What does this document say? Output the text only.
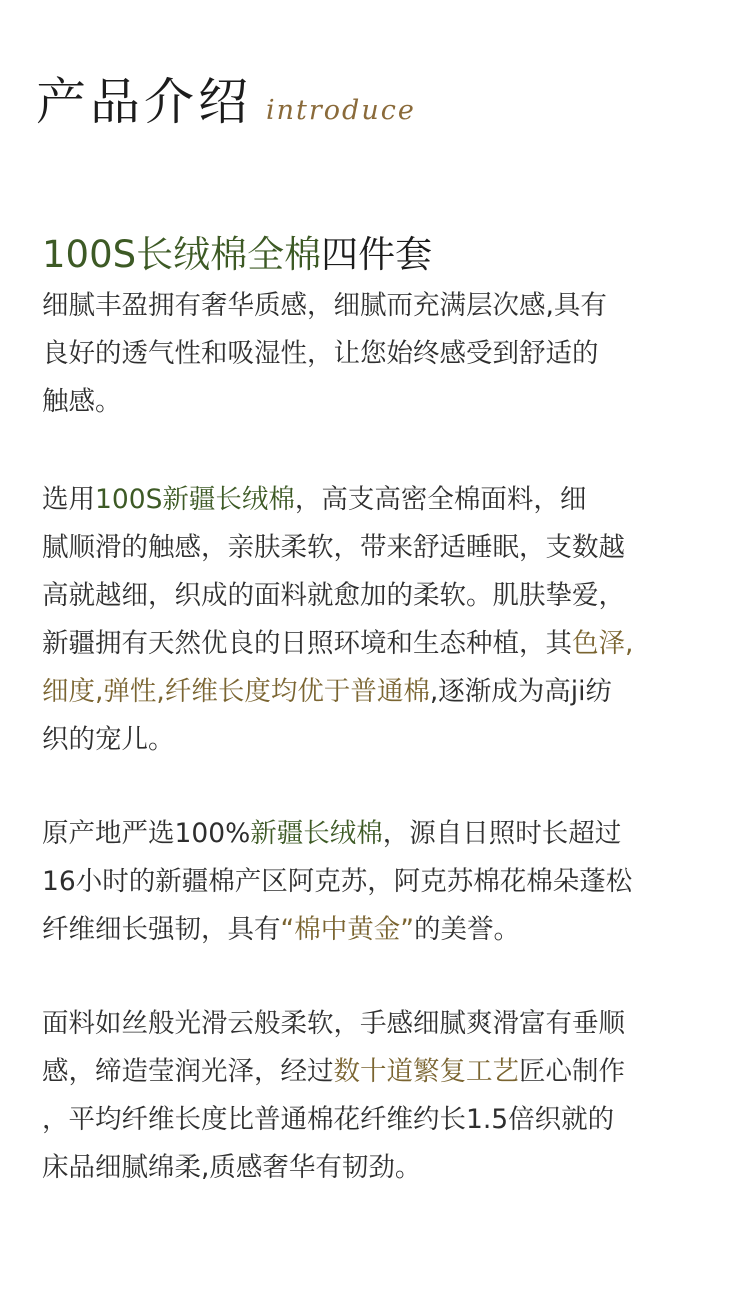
产品介绍 introduce
100S长绒棉全棉四件套
细腻丰盈拥有奢华质感，细腻而充满层次感,具有
良好的透气性和吸湿性，让您始终感受到舒适的
触感。
选用100S新疆长绒棉，高支高密全棉面料，细
腻顺滑的触感，亲肤柔软，带来舒适睡眠，支数越
高就越细，织成的面料就愈加的柔软。肌肤挚爱，
新疆拥有天然优良的日照环境和生态种植，其色泽,
细度,弹性,纤维长度均优于普通棉,逐渐成为高ji纺
织的宠儿。
原产地严选100%新疆长绒棉，源自日照时长超过
16小时的新疆棉产区阿克苏，阿克苏棉花棉朵蓬松
纤维细长强韧，具有“棉中黄金”的美誉。
面料如丝般光滑云般柔软，手感细腻爽滑富有垂顺
感，缔造莹润光泽，经过数十道繁复工艺匠心制作
，平均纤维长度比普通棉花纤维约长1.5倍织就的
床品细腻绵柔,质感奢华有韧劲。
